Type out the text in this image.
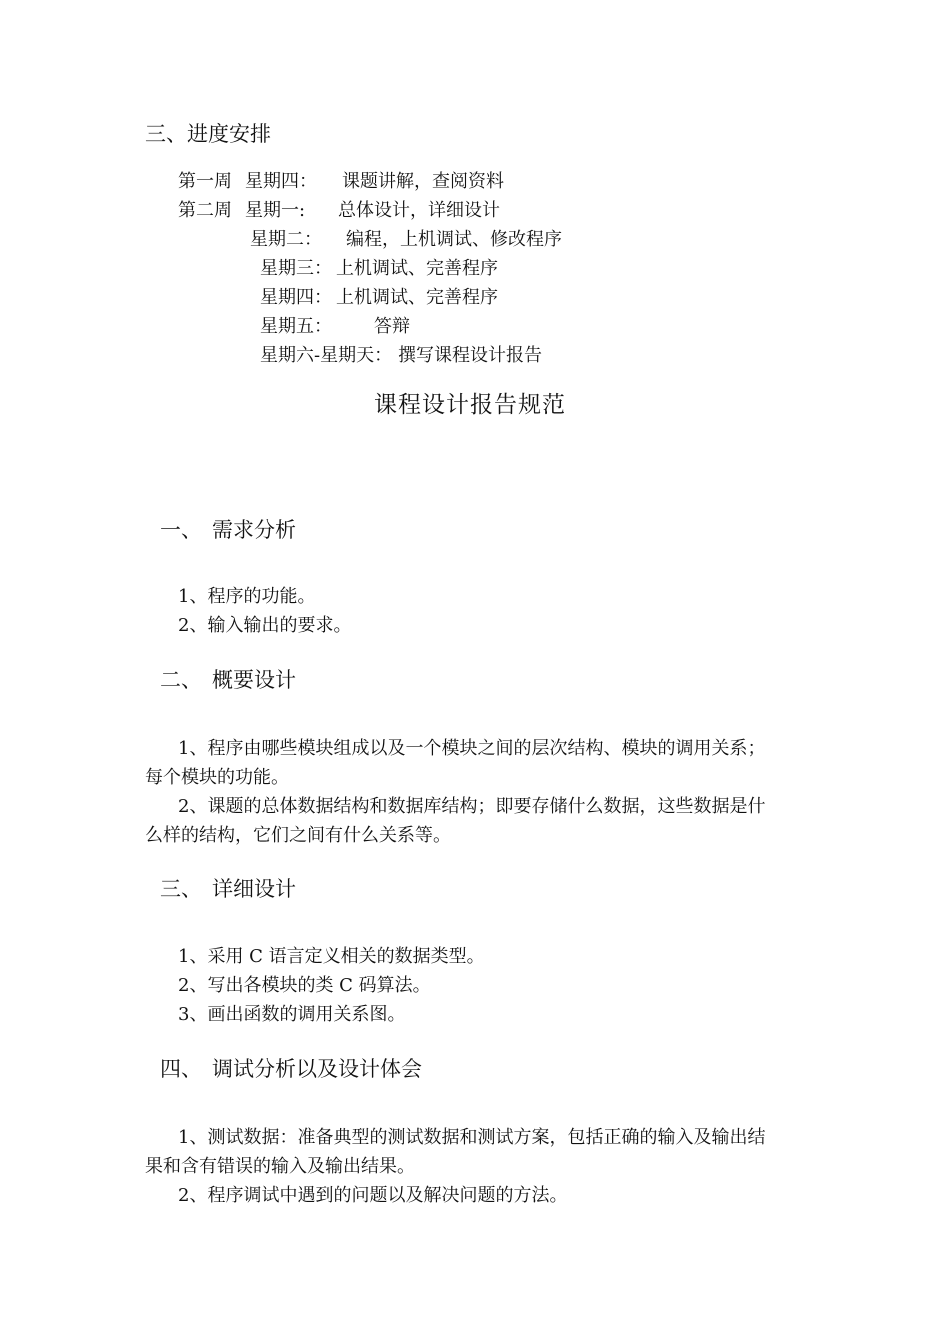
三、进度安排
第一周 星期四： 课题讲解，查阅资料
第二周 星期一: 总体设计，详细设计
星期二： 编程，上机调试、修改程序
星期三： 上机调试、完善程序
星期四： 上机调试、完善程序
星期五： 答辩
星期六-星期天： 撰写课程设计报告
课程设计报告规范
一、 需求分析
1、程序的功能。
2、输入输出的要求。
二、 概要设计
1、程序由哪些模块组成以及一个模块之间的层次结构、模块的调用关系；
每个模块的功能。
2、课题的总体数据结构和数据库结构；即要存储什么数据，这些数据是什
么样的结构，它们之间有什么关系等。
三、 详细设计
1、采用 C 语言定义相关的数据类型。
2、写出各模块的类 C 码算法。
3、画出函数的调用关系图。
四、 调试分析以及设计体会
1、测试数据：准备典型的测试数据和测试方案，包括正确的输入及输出结
果和含有错误的输入及输出结果。
2、程序调试中遇到的问题以及解决问题的方法。
